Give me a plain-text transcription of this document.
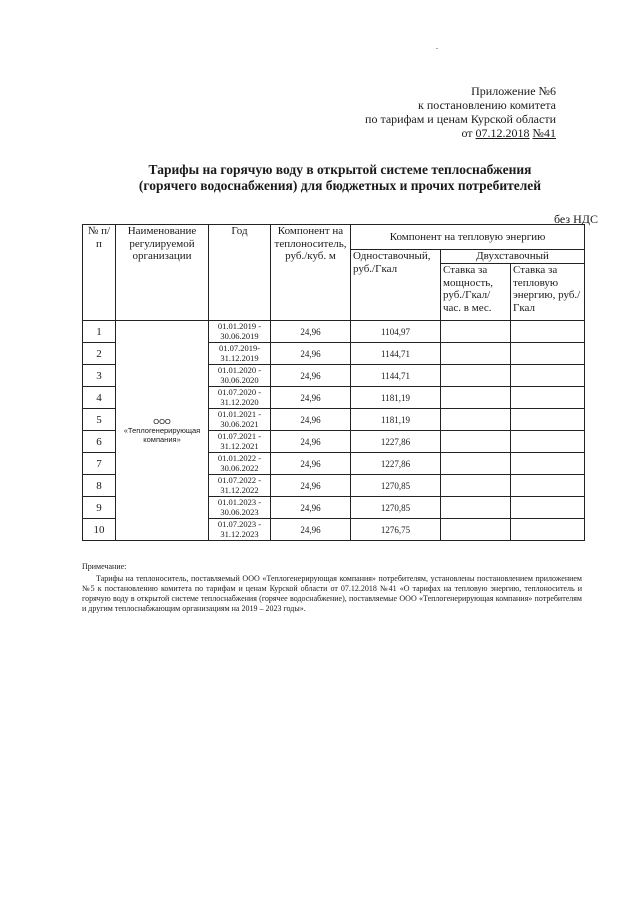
.
Приложение №6
к постановлению комитета
по тарифам и ценам Курской области
от 07.12.2018 №41
Тарифы на горячую воду в открытой системе теплоснабжения
(горячего водоснабжения) для бюджетных и прочих потребителей
без НДС
№ п/п	Наименование регулируемой организации	Год	Компонент на теплоноситель, руб./куб. м	Компонент на тепловую энергию		
				Одноставочный, руб./Гкал	Двухставочный	
					Ставка за мощность, руб./Гкал/час. в мес.	Ставка за тепловую энергию, руб./Гкал
1	ООО «Теплогенерирующая компания»	01.01.2019 - 30.06.2019	24,96	1104,97		
2		01.07.2019- 31.12.2019	24,96	1144,71		
3		01.01.2020 - 30.06.2020	24,96	1144,71		
4		01.07.2020 - 31.12.2020	24,96	1181,19		
5		01.01.2021 - 30.06.2021	24,96	1181,19		
6		01.07.2021 - 31.12.2021	24,96	1227,86		
7		01.01.2022 - 30.06.2022	24,96	1227,86		
8		01.07.2022 - 31.12.2022	24,96	1270,85		
9		01.01.2023 - 30.06.2023	24,96	1270,85		
10		01.07.2023 - 31.12.2023	24,96	1276,75		
Примечание:

Тарифы на теплоноситель, поставляемый ООО «Теплогенерирующая компания» потребителям, установлены постановлением приложением №5 к постановлению комитета по тарифам и ценам Курской области от 07.12.2018 №41 «О тарифах на тепловую энергию, теплоноситель и горячую воду в открытой системе теплоснабжения (горячее водоснабжение), поставляемые ООО «Теплогенерирующая компания» потребителям и другим теплоснабжающим организациям на 2019 – 2023 годы».
